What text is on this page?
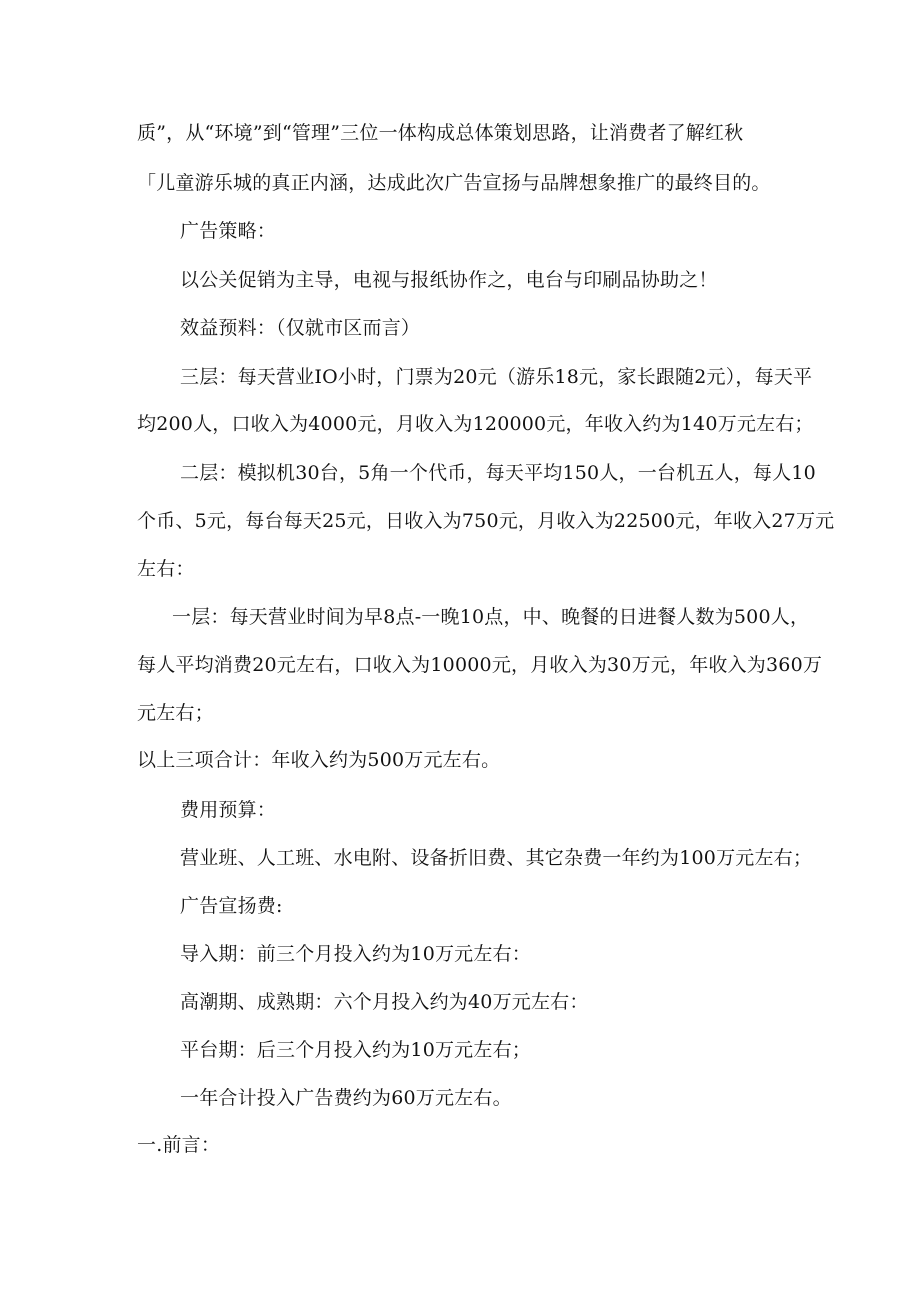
质”，从“环境”到“管理”三位一体构成总体策划思路，让消费者了解红秋

「儿童游乐城的真正内涵，达成此次广告宣扬与品牌想象推广的最终目的。

广告策略：

以公关促销为主导，电视与报纸协作之，电台与印刷品协助之！

效益预料：（仅就市区而言）

三层：每天营业IO小时，门票为20元（游乐18元，家长跟随2元），每天平

均200人，口收入为4000元，月收入为120000元，年收入约为140万元左右；

二层：模拟机30台，5角一个代币，每天平均150人，一台机五人，每人10

个币、5元，每台每天25元，日收入为750元，月收入为22500元，年收入27万元

左右：

一层：每天营业时间为早8点-一晚10点，中、晚餐的日进餐人数为500人，

每人平均消费20元左右，口收入为10000元，月收入为30万元，年收入为360万

元左右；

以上三项合计：年收入约为500万元左右。

费用预算：

营业班、人工班、水电附、设备折旧费、其它杂费一年约为100万元左右；

广告宣扬费:

导入期：前三个月投入约为10万元左右：

高潮期、成熟期：六个月投入约为40万元左右：

平台期：后三个月投入约为10万元左右；

一年合计投入广告费约为60万元左右。

一.前言：
